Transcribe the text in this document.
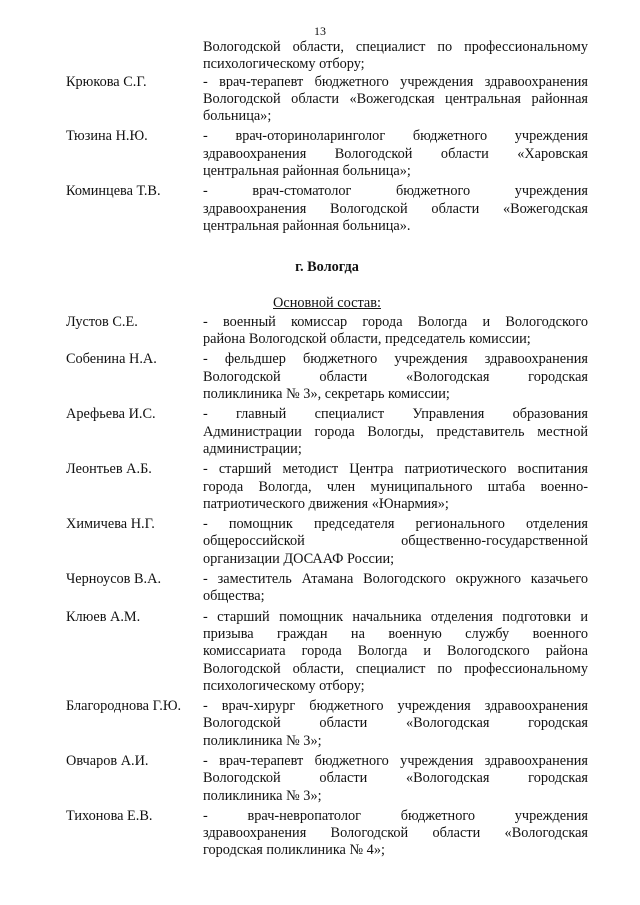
13
Вологодской области, специалист по профессиональному
психологическому отбору;
Крюкова С.Г.	- врач-терапевт бюджетного учреждения здравоохранения
Вологодской области «Вожегодская центральная районная
больница»;
Тюзина Н.Ю.	- врач-оториноларинголог бюджетного учреждения
здравоохранения Вологодской области «Харовская
центральная районная больница»;
Коминцева Т.В.	- врач-стоматолог бюджетного учреждения
здравоохранения Вологодской области «Вожегодская
центральная районная больница».
г. Вологда
Основной состав:
Лустов С.Е.	- военный комиссар города Вологда и Вологодского
района Вологодской области, председатель комиссии;
Собенина Н.А.	- фельдшер бюджетного учреждения здравоохранения
Вологодской области «Вологодская городская
поликлиника № 3», секретарь комиссии;
Арефьева И.С.	- главный специалист Управления образования
Администрации города Вологды, представитель местной
администрации;
Леонтьев А.Б.	- старший методист Центра патриотического воспитания
города Вологда, член муниципального штаба военно-
патриотического движения «Юнармия»;
Химичева Н.Г.	- помощник председателя регионального отделения
общероссийской общественно-государственной
организации ДОСААФ России;
Черноусов В.А.	- заместитель Атамана Вологодского окружного казачьего
общества;
Клюев А.М.	- старший помощник начальника отделения подготовки и
призыва граждан на военную службу военного
комиссариата города Вологда и Вологодского района
Вологодской области, специалист по профессиональному
психологическому отбору;
Благороднова Г.Ю.	- врач-хирург бюджетного учреждения здравоохранения
Вологодской области «Вологодская городская
поликлиника № 3»;
Овчаров А.И.	- врач-терапевт бюджетного учреждения здравоохранения
Вологодской области «Вологодская городская
поликлиника № 3»;
Тихонова Е.В.	- врач-невропатолог бюджетного учреждения
здравоохранения Вологодской области «Вологодская
городская поликлиника № 4»;
